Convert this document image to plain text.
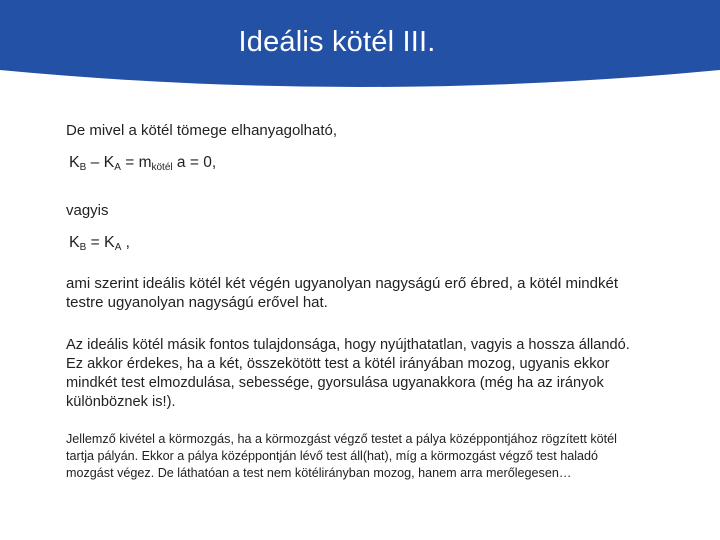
Ideális kötél III.
De mivel a kötél tömege elhanyagolható,
$K_B - K_A = m_{kötél}$ a = 0,
vagyis
$K_B = K_A$ ,
ami szerint ideális kötél két végén ugyanolyan nagyságú erő ébred, a kötél mindkét
testre ugyanolyan nagyságú erővel hat.
Az ideális kötél másik fontos tulajdonsága, hogy nyújthatatlan, vagyis a hossza állandó.
Ez akkor érdekes, ha a két, összekötött test a kötél irányában mozog, ugyanis ekkor
mindkét test elmozdulása, sebessége, gyorsulása ugyanakkora (még ha az irányok
különböznek is!).
Jellemző kivétel a körmozgás, ha a körmozgást végző testet a pálya középpontjához rögzített kötél
tartja pályán. Ekkor a pálya középpontján lévő test áll(hat), míg a körmozgást végző test haladó
mozgást végez. De láthatóan a test nem kötélirányban mozog, hanem arra merőlegesen…
